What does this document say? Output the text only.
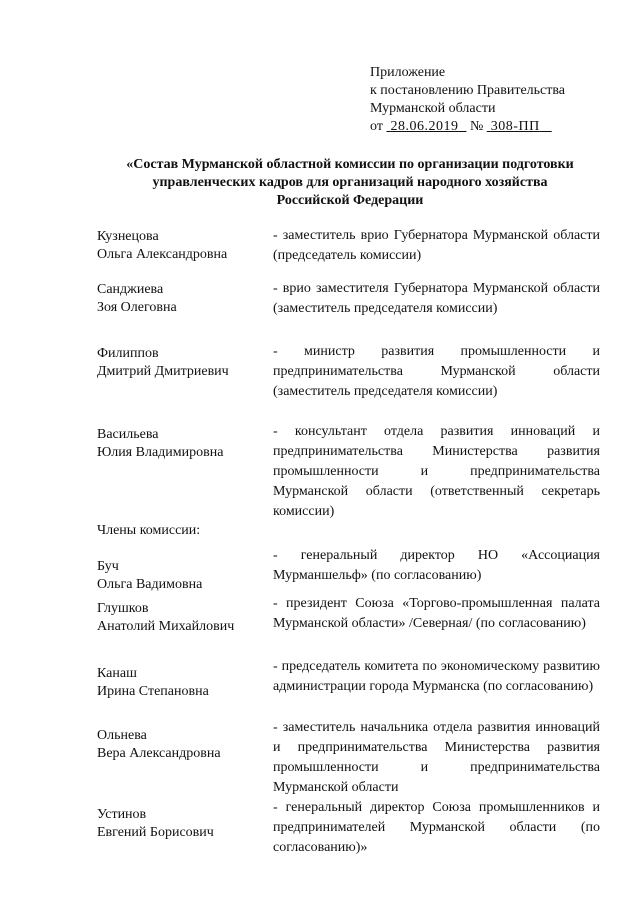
Приложение
к постановлению Правительства
Мурманской области
от 28.06.2019 № 308-ПП
«Состав Мурманской областной комиссии по организации подготовки
управленческих кадров для организаций народного хозяйства
Российской Федерации
Кузнецова
Ольга Александровна
- заместитель врио Губернатора Мурманской области (председатель комиссии)
Санджиева
Зоя Олеговна
- врио заместителя Губернатора Мурманской области (заместитель председателя комиссии)
Филиппов
Дмитрий Дмитриевич
- министр развития промышленности и предпринимательства Мурманской области (заместитель председателя комиссии)
Васильева
Юлия Владимировна
- консультант отдела развития инноваций и предпринимательства Министерства развития промышленности и предпринимательства Мурманской области (ответственный секретарь комиссии)
Члены комиссии:
Буч
Ольга Вадимовна
- генеральный директор НО «Ассоциация Мурманшельф» (по согласованию)
Глушков
Анатолий Михайлович
- президент Союза «Торгово-промышленная палата Мурманской области» /Северная/ (по согласованию)
Канаш
Ирина Степановна
- председатель комитета по экономическому развитию администрации города Мурманска (по согласованию)
Ольнева
Вера Александровна
- заместитель начальника отдела развития инноваций и предпринимательства Министерства развития промышленности и предпринимательства Мурманской области
Устинов
Евгений Борисович
- генеральный директор Союза промышленников и предпринимателей Мурманской области (по согласованию)»
